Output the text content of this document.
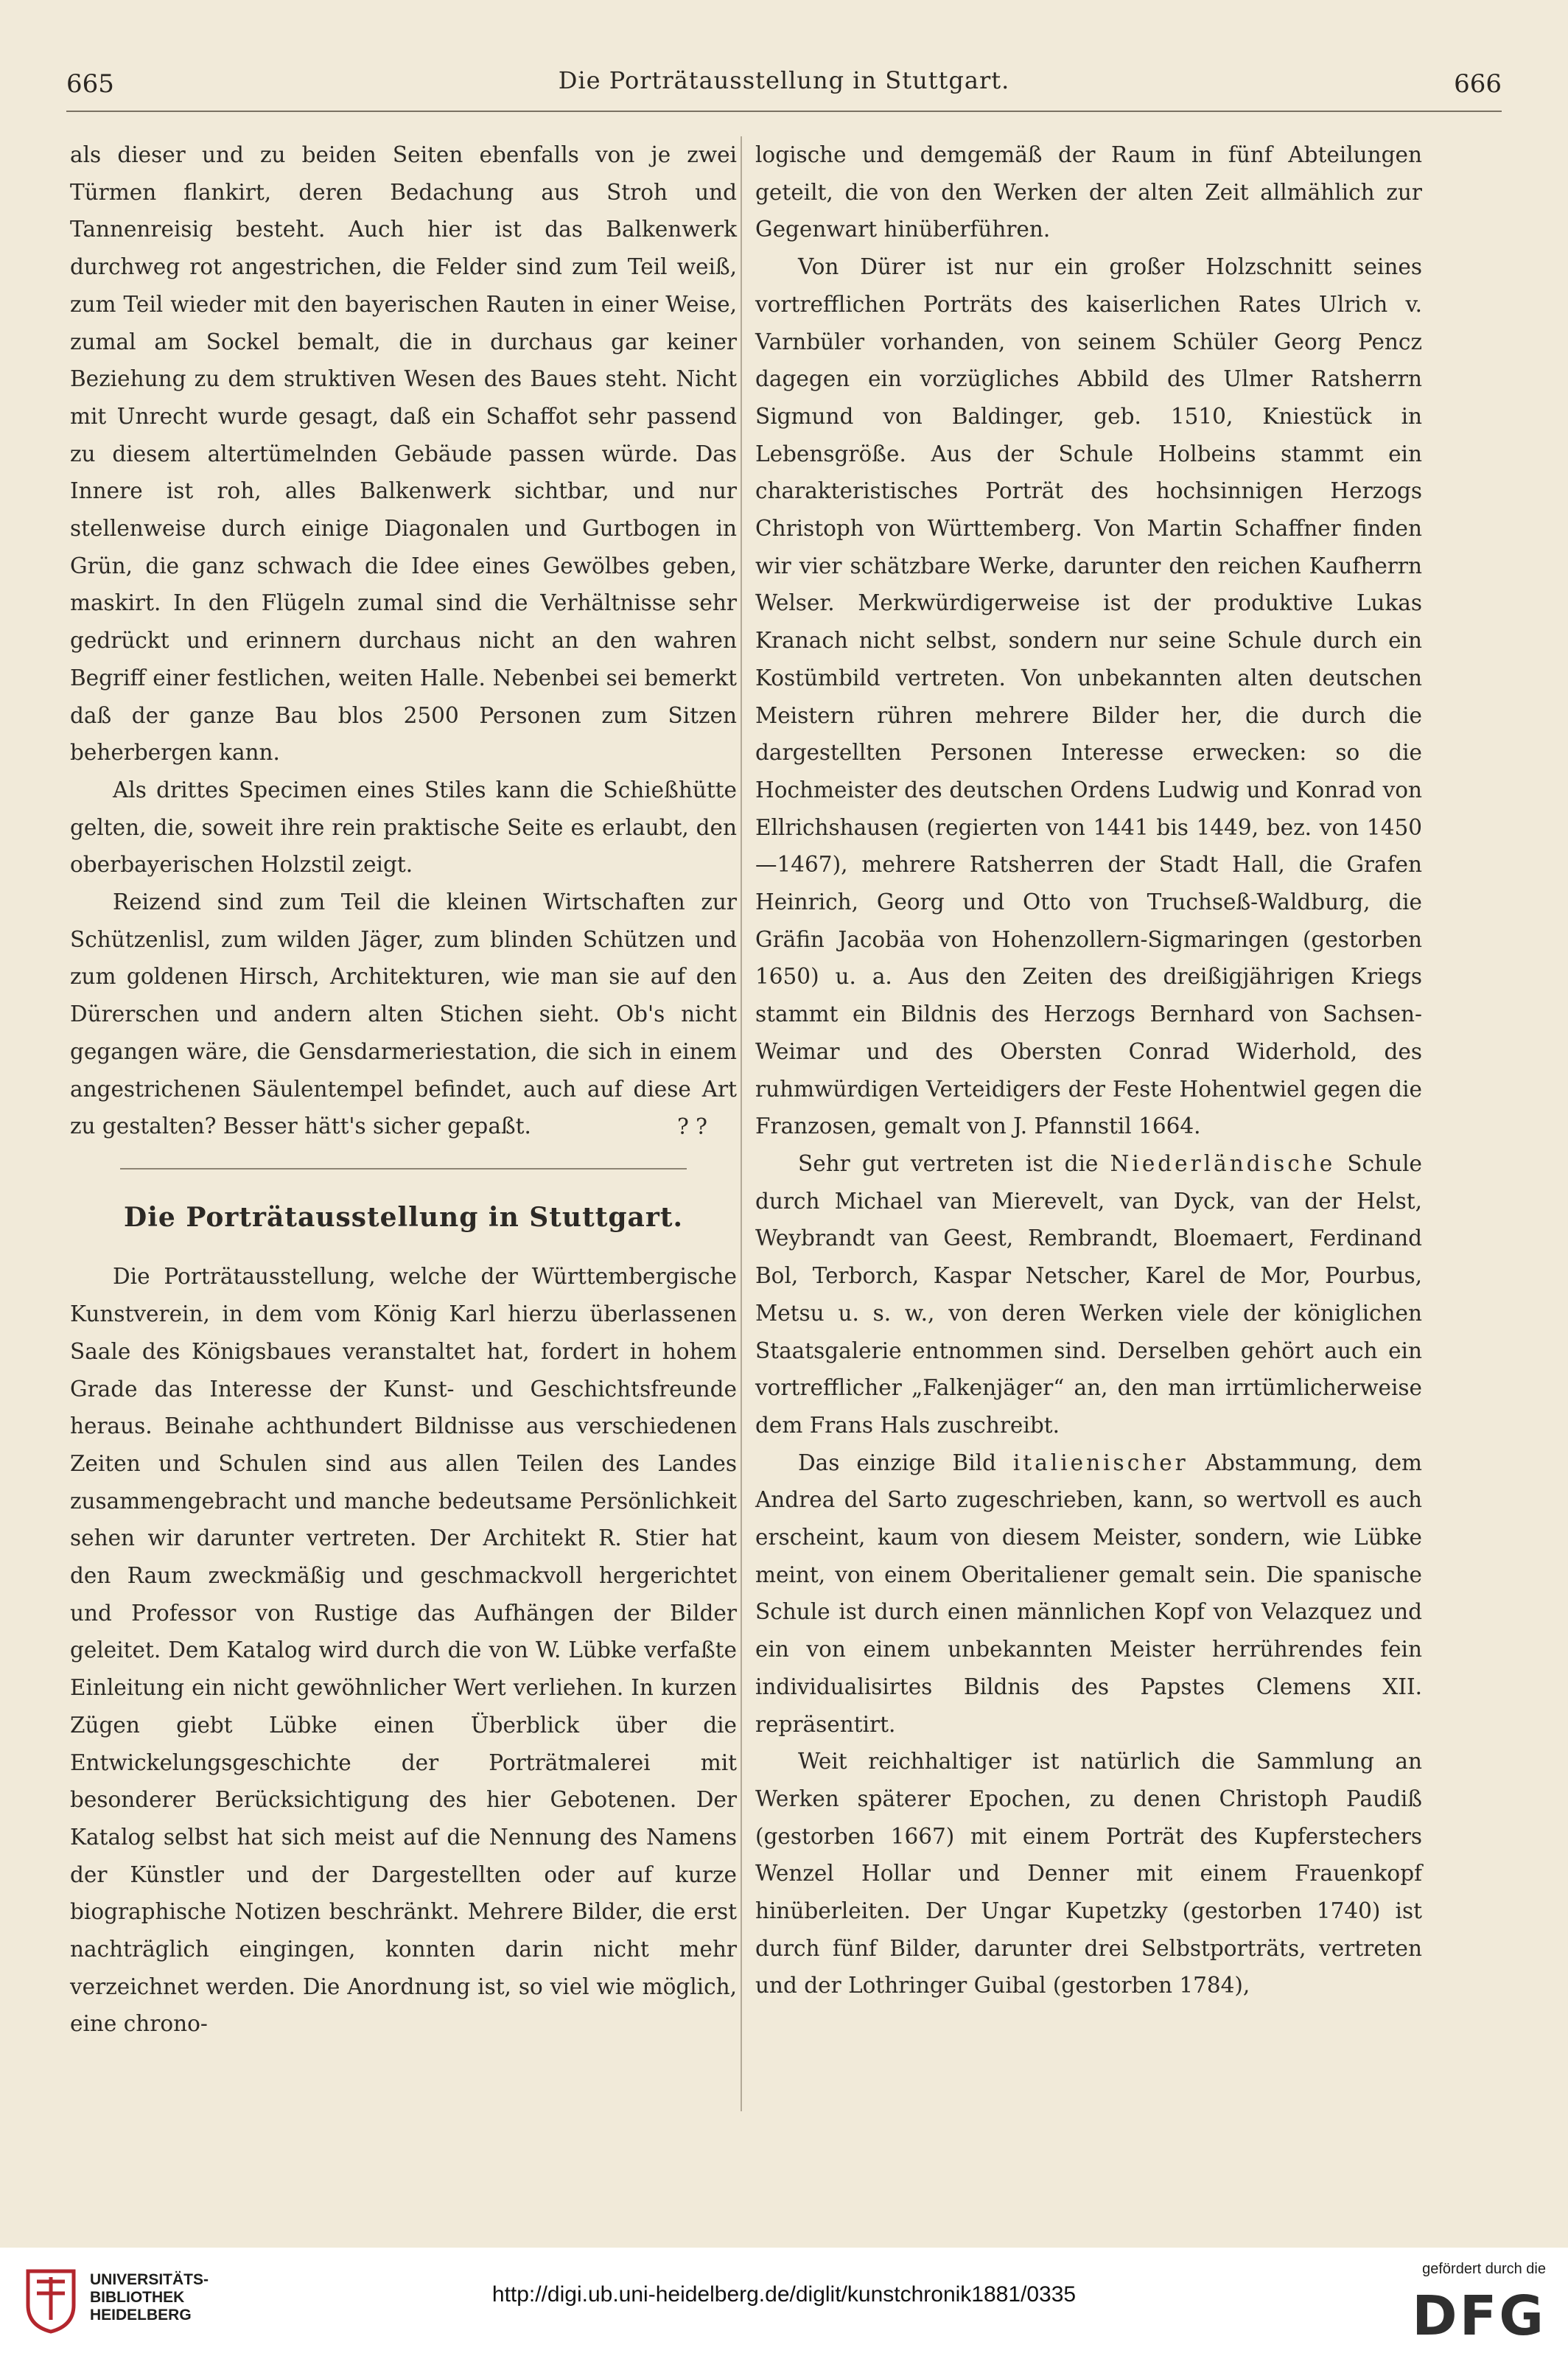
665	Die Porträtausstellung in Stuttgart.	666

als dieser und zu beiden Seiten ebenfalls von je zwei Türmen flankirt, deren Bedachung aus Stroh und Tannenreisig besteht. Auch hier ist das Balkenwerk durchweg rot angestrichen, die Felder sind zum Teil weiß, zum Teil wieder mit den bayerischen Rauten in einer Weise, zumal am Sockel bemalt, die in durchaus gar keiner Beziehung zu dem struktiven Wesen des Baues steht. Nicht mit Unrecht wurde gesagt, daß ein Schaffot sehr passend zu diesem altertümelnden Gebäude passen würde. Das Innere ist roh, alles Balkenwerk sichtbar, und nur stellenweise durch einige Diagonalen und Gurtbogen in Grün, die ganz schwach die Idee eines Gewölbes geben, maskirt. In den Flügeln zumal sind die Verhältnisse sehr gedrückt und erinnern durchaus nicht an den wahren Begriff einer festlichen, weiten Halle. Nebenbei sei bemerkt daß der ganze Bau blos 2500 Personen zum Sitzen beherbergen kann.

Als drittes Specimen eines Stiles kann die Schießhütte gelten, die, soweit ihre rein praktische Seite es erlaubt, den oberbayerischen Holzstil zeigt.

Reizend sind zum Teil die kleinen Wirtschaften zur Schützenlisl, zum wilden Jäger, zum blinden Schützen und zum goldenen Hirsch, Architekturen, wie man sie auf den Dürerschen und andern alten Stichen sieht. Ob's nicht gegangen wäre, die Gensdarmeriestation, die sich in einem angestrichenen Säulentempel befindet, auch auf diese Art zu gestalten? Besser hätt's sicher gepaßt.	? ?

Die Porträtausstellung in Stuttgart.

Die Porträtausstellung, welche der Württembergische Kunstverein, in dem vom König Karl hierzu überlassenen Saale des Königsbaues veranstaltet hat, fordert in hohem Grade das Interesse der Kunst- und Geschichtsfreunde heraus. Beinahe achthundert Bildnisse aus verschiedenen Zeiten und Schulen sind aus allen Teilen des Landes zusammengebracht und manche bedeutsame Persönlichkeit sehen wir darunter vertreten. Der Architekt R. Stier hat den Raum zweckmäßig und geschmackvoll hergerichtet und Professor von Rustige das Aufhängen der Bilder geleitet. Dem Katalog wird durch die von W. Lübke verfaßte Einleitung ein nicht gewöhnlicher Wert verliehen. In kurzen Zügen giebt Lübke einen Überblick über die Entwickelungsgeschichte der Porträtmalerei mit besonderer Berücksichtigung des hier Gebotenen. Der Katalog selbst hat sich meist auf die Nennung des Namens der Künstler und der Dargestellten oder auf kurze biographische Notizen beschränkt. Mehrere Bilder, die erst nachträglich eingingen, konnten darin nicht mehr verzeichnet werden. Die Anordnung ist, so viel wie möglich, eine chrono-

logische und demgemäß der Raum in fünf Abteilungen geteilt, die von den Werken der alten Zeit allmählich zur Gegenwart hinüberführen.

Von Dürer ist nur ein großer Holzschnitt seines vortrefflichen Porträts des kaiserlichen Rates Ulrich v. Varnbüler vorhanden, von seinem Schüler Georg Pencz dagegen ein vorzügliches Abbild des Ulmer Ratsherrn Sigmund von Baldinger, geb. 1510, Kniestück in Lebensgröße. Aus der Schule Holbeins stammt ein charakteristisches Porträt des hochsinnigen Herzogs Christoph von Württemberg. Von Martin Schaffner finden wir vier schätzbare Werke, darunter den reichen Kaufherrn Welser. Merkwürdigerweise ist der produktive Lukas Kranach nicht selbst, sondern nur seine Schule durch ein Kostümbild vertreten. Von unbekannten alten deutschen Meistern rühren mehrere Bilder her, die durch die dargestellten Personen Interesse erwecken: so die Hochmeister des deutschen Ordens Ludwig und Konrad von Ellrichshausen (regierten von 1441 bis 1449, bez. von 1450—1467), mehrere Ratsherren der Stadt Hall, die Grafen Heinrich, Georg und Otto von Truchseß-Waldburg, die Gräfin Jacobäa von Hohenzollern-Sigmaringen (gestorben 1650) u. a. Aus den Zeiten des dreißigjährigen Kriegs stammt ein Bildnis des Herzogs Bernhard von Sachsen-Weimar und des Obersten Conrad Widerhold, des ruhmwürdigen Verteidigers der Feste Hohentwiel gegen die Franzosen, gemalt von J. Pfannstil 1664.

Sehr gut vertreten ist die Niederländische Schule durch Michael van Mierevelt, van Dyck, van der Helst, Weybrandt van Geest, Rembrandt, Bloemaert, Ferdinand Bol, Terborch, Kaspar Netscher, Karel de Mor, Pourbus, Metsu u. s. w., von deren Werken viele der königlichen Staatsgalerie entnommen sind. Derselben gehört auch ein vortrefflicher „Falkenjäger“ an, den man irrtümlicherweise dem Frans Hals zuschreibt.

Das einzige Bild italienischer Abstammung, dem Andrea del Sarto zugeschrieben, kann, so wertvoll es auch erscheint, kaum von diesem Meister, sondern, wie Lübke meint, von einem Oberitaliener gemalt sein. Die spanische Schule ist durch einen männlichen Kopf von Velazquez und ein von einem unbekannten Meister herrührendes fein individualisirtes Bildnis des Papstes Clemens XII. repräsentirt.

Weit reichhaltiger ist natürlich die Sammlung an Werken späterer Epochen, zu denen Christoph Paudiß (gestorben 1667) mit einem Porträt des Kupferstechers Wenzel Hollar und Denner mit einem Frauenkopf hinüberleiten. Der Ungar Kupetzky (gestorben 1740) ist durch fünf Bilder, darunter drei Selbstporträts, vertreten und der Lothringer Guibal (gestorben 1784),

UNIVERSITÄTS-
BIBLIOTHEK
HEIDELBERG
http://digi.ub.uni-heidelberg.de/diglit/kunstchronik1881/0335
gefördert durch die
DFG
